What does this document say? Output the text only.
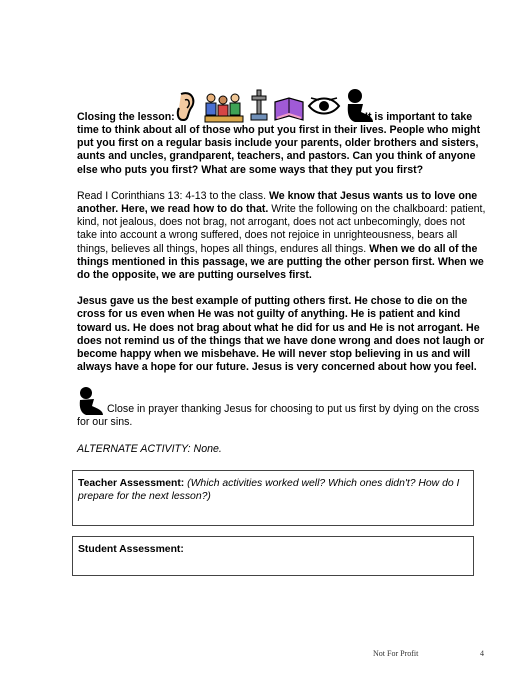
Closing the lesson:	It is important to take

time to think about all of those who put you first in their lives. People who might put you first on a regular basis include your parents, older brothers and sisters, aunts and uncles, grandparent, teachers, and pastors. Can you think of anyone else who puts you first? What are some ways that they put you first?

Read I Corinthians 13: 4-13 to the class. We know that Jesus wants us to love one another. Here, we read how to do that. Write the following on the chalkboard: patient, kind, not jealous, does not brag, not arrogant, does not act unbecomingly, does not take into account a wrong suffered, does not rejoice in unrighteousness, bears all things, believes all things, hopes all things, endures all things. When we do all of the things mentioned in this passage, we are putting the other person first. When we do the opposite, we are putting ourselves first.

Jesus gave us the best example of putting others first. He chose to die on the cross for us even when He was not guilty of anything. He is patient and kind toward us. He does not brag about what he did for us and He is not arrogant. He does not remind us of the things that we have done wrong and does not laugh or become happy when we misbehave. He will never stop believing in us and will always have a hope for our future. Jesus is very concerned about how you feel.

Close in prayer thanking Jesus for choosing to put us first by dying on the cross for our sins.

ALTERNATE ACTIVITY: None.

Teacher Assessment: (Which activities worked well? Which ones didn't? How do I prepare for the next lesson?)
Student Assessment:
Not For Profit	4
